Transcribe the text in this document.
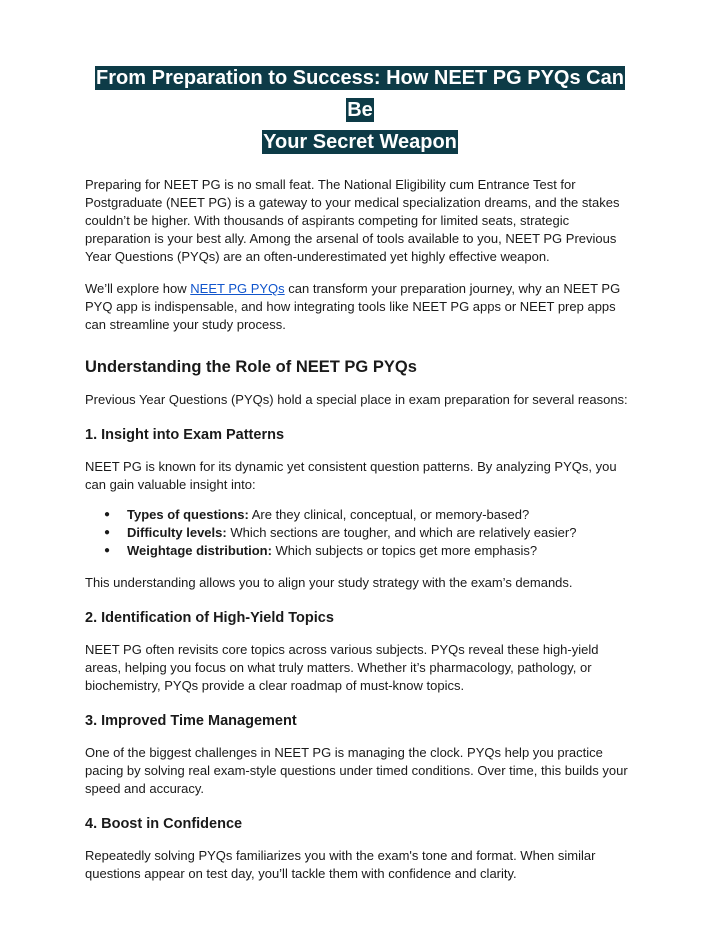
From Preparation to Success: How NEET PG PYQs Can Be
Your Secret Weapon

Preparing for NEET PG is no small feat. The National Eligibility cum Entrance Test for Postgraduate (NEET PG) is a gateway to your medical specialization dreams, and the stakes couldn’t be higher. With thousands of aspirants competing for limited seats, strategic preparation is your best ally. Among the arsenal of tools available to you, NEET PG Previous Year Questions (PYQs) are an often-underestimated yet highly effective weapon.

We’ll explore how NEET PG PYQs can transform your preparation journey, why an NEET PG PYQ app is indispensable, and how integrating tools like NEET PG apps or NEET prep apps can streamline your study process.

Understanding the Role of NEET PG PYQs

Previous Year Questions (PYQs) hold a special place in exam preparation for several reasons:

1. Insight into Exam Patterns

NEET PG is known for its dynamic yet consistent question patterns. By analyzing PYQs, you can gain valuable insight into:

● Types of questions: Are they clinical, conceptual, or memory-based?
● Difficulty levels: Which sections are tougher, and which are relatively easier?
● Weightage distribution: Which subjects or topics get more emphasis?

This understanding allows you to align your study strategy with the exam’s demands.

2. Identification of High-Yield Topics

NEET PG often revisits core topics across various subjects. PYQs reveal these high-yield areas, helping you focus on what truly matters. Whether it’s pharmacology, pathology, or biochemistry, PYQs provide a clear roadmap of must-know topics.

3. Improved Time Management

One of the biggest challenges in NEET PG is managing the clock. PYQs help you practice pacing by solving real exam-style questions under timed conditions. Over time, this builds your speed and accuracy.

4. Boost in Confidence

Repeatedly solving PYQs familiarizes you with the exam's tone and format. When similar questions appear on test day, you’ll tackle them with confidence and clarity.
